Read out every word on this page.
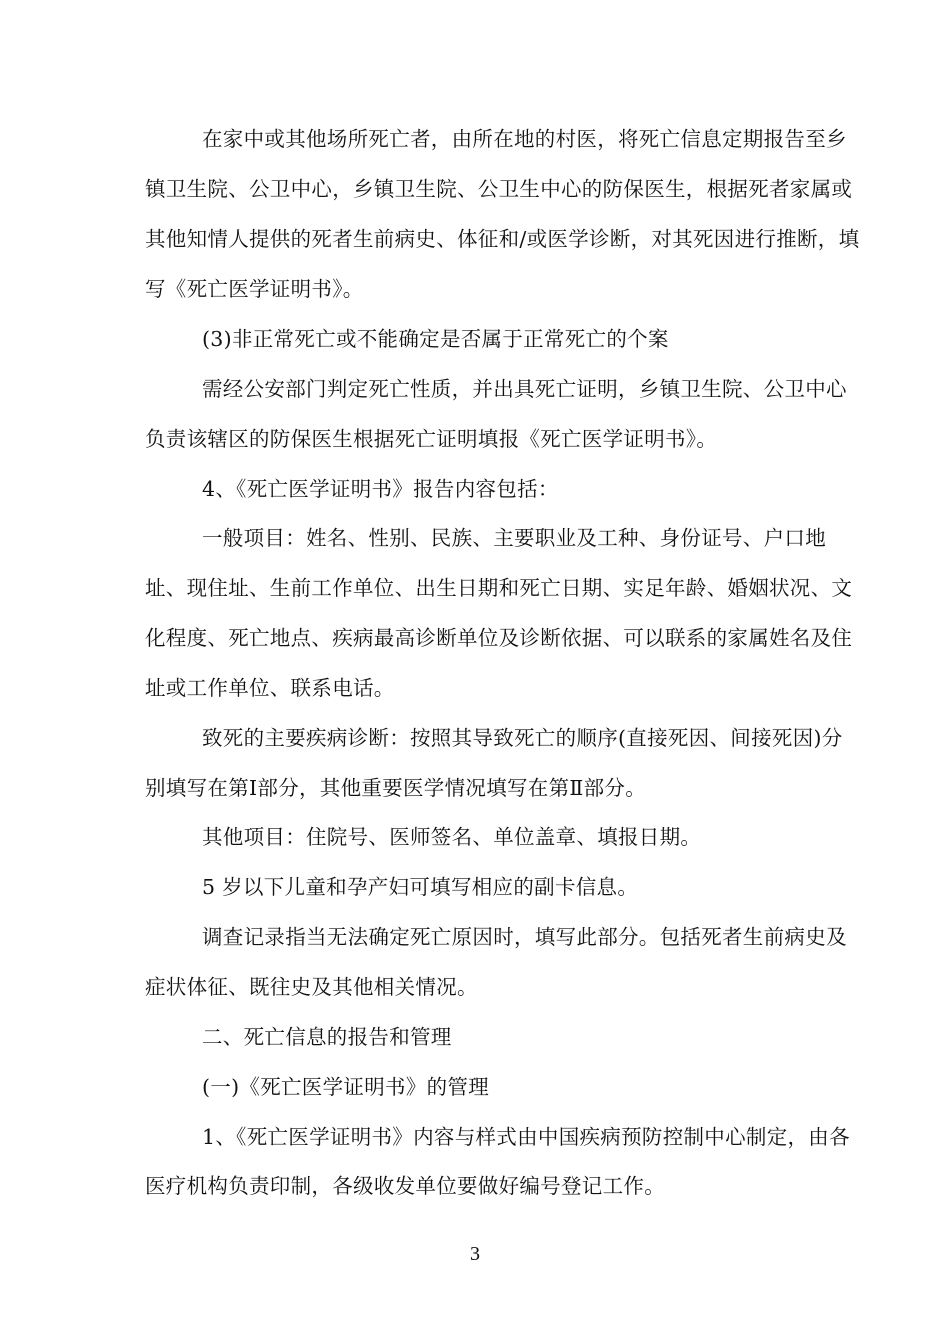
在家中或其他场所死亡者，由所在地的村医，将死亡信息定期报告至乡
镇卫生院、公卫中心，乡镇卫生院、公卫生中心的防保医生，根据死者家属或
其他知情人提供的死者生前病史、体征和/或医学诊断，对其死因进行推断，填
写《死亡医学证明书》。
(3)非正常死亡或不能确定是否属于正常死亡的个案
需经公安部门判定死亡性质，并出具死亡证明，乡镇卫生院、公卫中心
负责该辖区的防保医生根据死亡证明填报《死亡医学证明书》。
4、《死亡医学证明书》报告内容包括：
一般项目：姓名、性别、民族、主要职业及工种、身份证号、户口地
址、现住址、生前工作单位、出生日期和死亡日期、实足年龄、婚姻状况、文
化程度、死亡地点、疾病最高诊断单位及诊断依据、可以联系的家属姓名及住
址或工作单位、联系电话。
致死的主要疾病诊断：按照其导致死亡的顺序(直接死因、间接死因)分
别填写在第Ⅰ部分，其他重要医学情况填写在第Ⅱ部分。
其他项目：住院号、医师签名、单位盖章、填报日期。
5 岁以下儿童和孕产妇可填写相应的副卡信息。
调查记录指当无法确定死亡原因时，填写此部分。包括死者生前病史及
症状体征、既往史及其他相关情况。
二、死亡信息的报告和管理
(一)《死亡医学证明书》的管理
1、《死亡医学证明书》内容与样式由中国疾病预防控制中心制定，由各
医疗机构负责印制，各级收发单位要做好编号登记工作。
3
